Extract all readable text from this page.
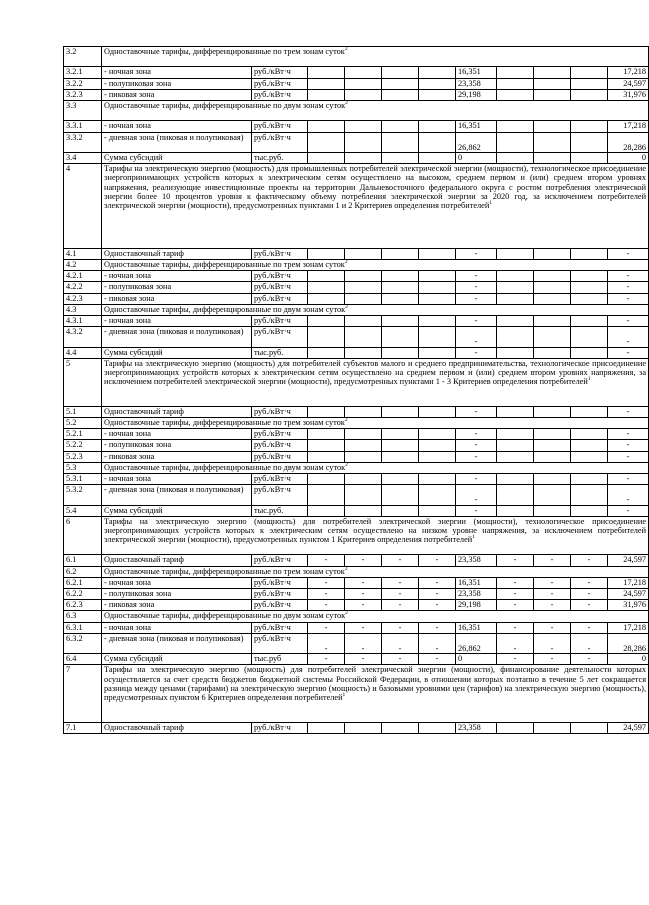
3.2	Одноставочные тарифы, дифференцированные по трем зонам суток$^2$
3.2.1	- ночная зона	руб./кВт·ч					16,351				17,218
3.2.2	- полупиковая зона	руб./кВт·ч					23,358				24,597
3.2.3	- пиковая зона	руб./кВт·ч					29,198				31,976
3.3	Одноставочные тарифы, дифференцированные по двум зонам суток$^2$
3.3.1	- ночная зона	руб./кВт·ч					16,351				17,218
3.3.2	- дневная зона (пиковая и полупиковая)	руб./кВт·ч					26,862				28,286
3.4	Сумма субсидий	тыс.руб.					0				0
4	Тарифы на электрическую энергию (мощность) для промышленных потребителей электрической энергии (мощности), технологическое присоединение энергопринимающих устройств которых к электрическим сетям осуществлено на высоком, среднем первом и (или) среднем втором уровнях напряжения, реализующие инвестиционные проекты на территории Дальневосточного федерального округа с ростом потребления электрической энергии более 10 процентов уровня к фактическому объему потребления электрической энергии за 2020 год, за исключением потребителей электрической энергии (мощности), предусмотренных пунктами 1 и 2 Критериев определения потребителей$^1$
4.1	Одноставочный тариф	руб./кВт·ч					-				-
4.2	Одноставочные тарифы, дифференцированные по трем зонам суток$^2$
4.2.1	- ночная зона	руб./кВт·ч					-				-
4.2.2	- полупиковая зона	руб./кВт·ч					-				-
4.2.3	- пиковая зона	руб./кВт·ч					-				-
4.3	Одноставочные тарифы, дифференцированные по двум зонам суток$^2$
4.3.1	- ночная зона	руб./кВт·ч					-				-
4.3.2	- дневная зона (пиковая и полупиковая)	руб./кВт·ч					-				-
4.4	Сумма субсидий	тыс.руб.					-				-
5	Тарифы на электрическую энергию (мощность) для потребителей субъектов малого и среднего предпринимательства, технологическое присоединение энергопринимающих устройств которых к электрическим сетям осуществлено на среднем первом и (или) среднем втором уровнях напряжения, за исключением потребителей электрической энергии (мощности), предусмотренных пунктами 1 - 3 Критериев определения потребителей$^1$
5.1	Одноставочный тариф	руб./кВт·ч					-				-
5.2	Одноставочные тарифы, дифференцированные по трем зонам суток$^2$
5.2.1	- ночная зона	руб./кВт·ч					-				-
5.2.2	- полупиковая зона	руб./кВт·ч					-				-
5.2.3	- пиковая зона	руб./кВт·ч					-				-
5.3	Одноставочные тарифы, дифференцированные по двум зонам суток$^2$
5.3.1	- ночная зона	руб./кВт·ч					-				-
5.3.2	- дневная зона (пиковая и полупиковая)	руб./кВт·ч					-				-
5.4	Сумма субсидий	тыс.руб.					-				-
6	Тарифы на электрическую энергию (мощность) для потребителей электрической энергии (мощности), технологическое присоединение энергопринимающих устройств которых к электрическим сетям осуществлено на низком уровне напряжения, за исключением потребителей электрической энергии (мощности), предусмотренных пунктом 1 Критериев определения потребителей$^1$
6.1	Одноставочный тариф	руб./кВт·ч	-	-	-	-	23,358	-	-	-	24,597
6.2	Одноставочные тарифы, дифференцированные по трем зонам суток$^2$
6.2.1	- ночная зона	руб./кВт·ч	-	-	-	-	16,351	-	-	-	17,218
6.2.2	- полупиковая зона	руб./кВт·ч	-	-	-	-	23,358	-	-	-	24,597
6.2.3	- пиковая зона	руб./кВт·ч	-	-	-	-	29,198	-	-	-	31,976
6.3	Одноставочные тарифы, дифференцированные по двум зонам суток$^2$
6.3.1	- ночная зона	руб./кВт·ч	-	-	-	-	16,351	-	-	-	17,218
6.3.2	- дневная зона (пиковая и полупиковая)	руб./кВт·ч	-	-	-	-	26,862	-	-	-	28,286
6.4	Сумма субсидий	тыс.руб	-	-	-	-	0	-	-	-	0
7	Тарифы на электрическую энергию (мощность) для потребителей электрической энергии (мощности), финансирование деятельности которых осуществляется за счет средств бюджетов бюджетной системы Российской Федерации, в отношении которых поэтапно в течение 5 лет сокращается разница между ценами (тарифами) на электрическую энергию (мощность) и базовыми уровнями цен (тарифов) на электрическую энергию (мощность), предусмотренных пунктом 6 Критериев определения потребителей$^1$
7.1	Одноставочный тариф	руб./кВт·ч					23,358				24,597
